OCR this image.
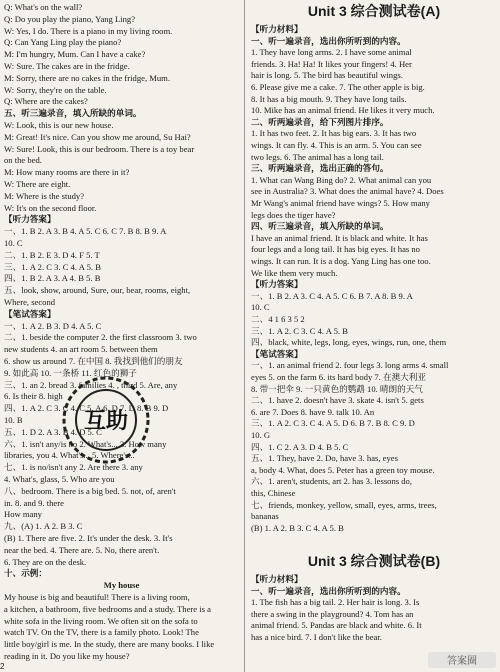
Q: What's on the wall?
Q: Do you play the piano, Yang Ling?
W: Yes, I do. There is a piano in my living room.
Q: Can Yang Ling play the piano?
M: I'm hungry, Mum. Can I have a cake?
W: Sure. The cakes are in the fridge.
M: Sorry, there are no cakes in the fridge, Mum.
W: Sorry, they're on the table.
Q: Where are the cakes?
五、听三遍录音，填入所缺的单词。
W: Look, this is our new house.
M: Great! It's nice. Can you show me around, Su Hai?
W: Sure! Look, this is our bedroom. There is a toy bear
on the bed.
M: How many rooms are there in it?
W: There are eight.
M: Where is the study?
W: It's on the second floor.
【听力答案】
一、1. B 2. A 3. B 4. A 5. C 6. C 7. B 8. B 9. A
10. C
二、1. B 2. E 3. D 4. F 5. T
三、1. A 2. C 3. C 4. A 5. B
四、1. B 2. A 3. A 4. B 5. B
五、look, show, around, Sure, our, bear, rooms, eight,
Where, second
【笔试答案】
一、1. A 2. B 3. D 4. A 5. C
二、1. beside the computer 2. the first classroom 3. two
new students 4. an art room 5. between them
6. show us around 7. 在中国 8. 我找到他们的朋友
9. 如此高 10. 一条桥 11. 红色的狮子
三、1. an 2. bread 3. families 4. , third 5. Are, any
6. Is their 8. high
四、1. A 2. C 3. C 4. C 5. A 6. D 7. D 8. B 9. D
10. B
五、1. D 2. A 3. B 4. D 5. C
六、1. isn't any/is no 2. What's... 3. How many
libraries, you 4. What's... 5. Where's...
七、1. is no/isn't any 2. Are there 3. any
4. What's, glass, 5. Who are you
八、bedroom. There is a big bed. 5. not, of, aren't
in. 8. and 9. there
How many
九、(A) 1. A 2. B 3. C
(B) 1. There are five. 2. It's under the desk. 3. It's
near the bed. 4. There are. 5. No, there aren't.
6. They are on the desk.
十、示例：
My house
My house is big and beautiful! There is a living room,
a kitchen, a bathroom, five bedrooms and a study. There is a
white sofa in the living room. We often sit on the sofa to
watch TV. On the TV, there is a family photo. Look! The
little boy/girl is me. In the study, there are many books. I like
reading in it. Do you like my house?
Unit 3 综合测试卷(A)
Unit 3 综合测试卷(B)
【听力材料】
一、听一遍录音，选出你所听到的内容。
1. They have long arms. 2. I have some animal
friends. 3. Ha! Ha! It likes your fingers! 4. Her
hair is long. 5. The bird has beautiful wings.
6. Please give me a cake. 7. The other apple is big.
8. It has a big mouth. 9. They have long tails.
10. Mike has an animal friend. He likes it very much.
二、听两遍录音，给下列图片排序。
1. It has two feet. 2. It has big ears. 3. It has two
wings. It can fly. 4. This is an arm. 5. You can see
two legs. 6. The animal has a long tail.
三、听两遍录音，选出正确的答句。
1. What can Wang Bing do? 2. What animal can you
see in Australia? 3. What does the animal have? 4. Does
Mr Wang's animal friend have wings? 5. How many
legs does the tiger have?
四、听三遍录音，填入所缺的单词。
I have an animal friend. It is black and white. It has
four legs and a long tail. It has big eyes. It has no
wings. It can run. It is a dog. Yang Ling has one too.
We like them very much.
【听力答案】
一、1. B 2. A 3. C 4. A 5. C 6. B 7. A 8. B 9. A
10. C
二、4 1 6 3 5 2
三、1. A 2. C 3. C 4. A 5. B
四、black, white, legs, long, eyes, wings, run, one, them
【笔试答案】
一、1. an animal friend 2. four legs 3. long arms 4. small
eyes 5. on the farm 6. its hard body 7. 在澳大利亚
8. 带一把伞 9. 一只黄色的鹦鹉 10. 晴朗的天气
二、1. have 2. doesn't have 3. skate 4. isn't 5. gets
6. are 7. Does 8. have 9. talk 10. An
三、1. A 2. C 3. C 4. A 5. D 6. B 7. B 8. C 9. D
10. G
四、1. C 2. A 3. D 4. B 5. C
五、1. They, have 2. Do, have 3. has, eyes
a, body 4. What, does 5. Peter has a green toy mouse.
六、1. aren't, students, art 2. has 3. lessons do,
this, Chinese
七、friends, monkey, yellow, small, eyes, arms, trees,
bananas
(B) 1. A 2. B 3. C 4. A 5. B
【听力材料】
一、听一遍录音，选出你所听到的内容。
1. The fish has a big tail. 2. Her hair is long. 3. Is
there a swing in the playground? 4. Tom has an
animal friend. 5. Pandas are black and white. 6. It
has a nice bird. 7. I don't like the bear.
互助
2	答案圈
